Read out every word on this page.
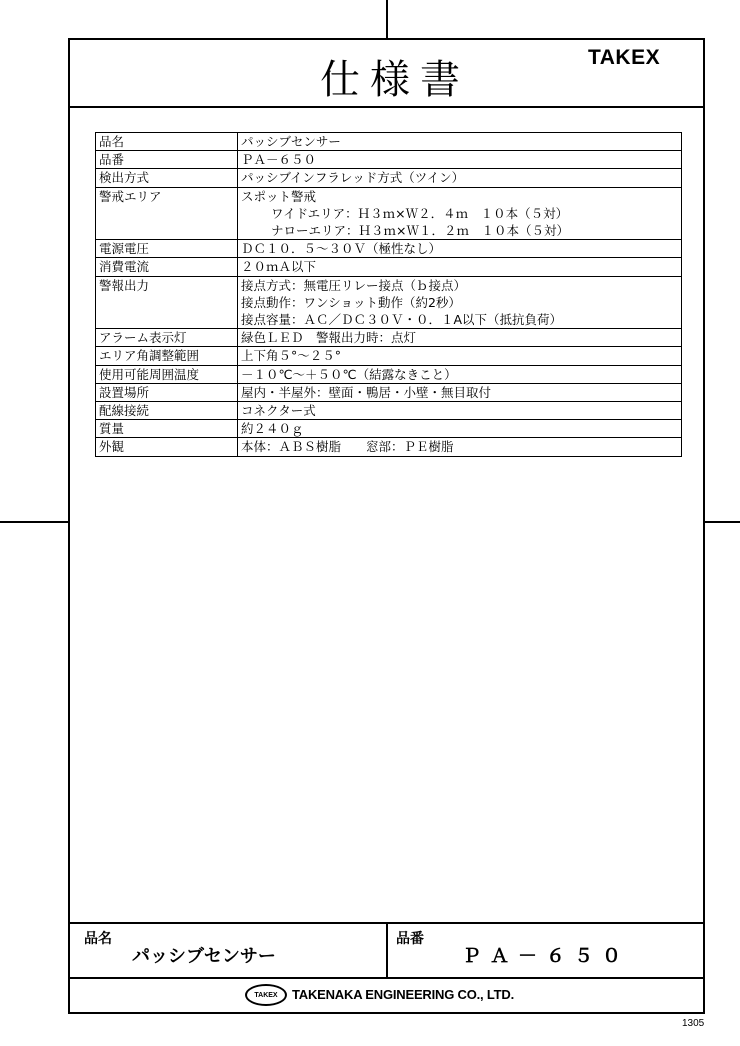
仕様書	TAKEX
品名	パッシブセンサー

品番	ＰＡ－６５０

検出方式	パッシブインフラレッド方式（ツイン）

警戒エリア	スポット警戒
ワイドエリア：Ｈ３ｍ×Ｗ２．４ｍ　１０本（５対）
ナローエリア：Ｈ３ｍ×Ｗ１．２ｍ　１０本（５対）

電源電圧	ＤＣ１０．５～３０Ｖ（極性なし）

消費電流	２０ｍＡ以下

警報出力	接点方式：無電圧リレー接点（ｂ接点）
接点動作：ワンショット動作（約2秒）
接点容量：ＡＣ／ＤＣ３０Ｖ・０．１A以下（抵抗負荷）

アラーム表示灯	緑色ＬＥＤ　警報出力時：点灯

エリア角調整範囲	上下角５°～２５°

使用可能周囲温度	－１０℃～＋５０℃（結露なきこと）

設置場所	屋内・半屋外：壁面・鴨居・小壁・無目取付

配線接続	コネクター式

質量	約２４０ｇ

外観	本体：ＡＢＳ樹脂　　窓部：ＰＥ樹脂
品名
パッシブセンサー
品番
ＰＡ－６５０
TAKEX TAKENAKA ENGINEERING CO., LTD.
1305
